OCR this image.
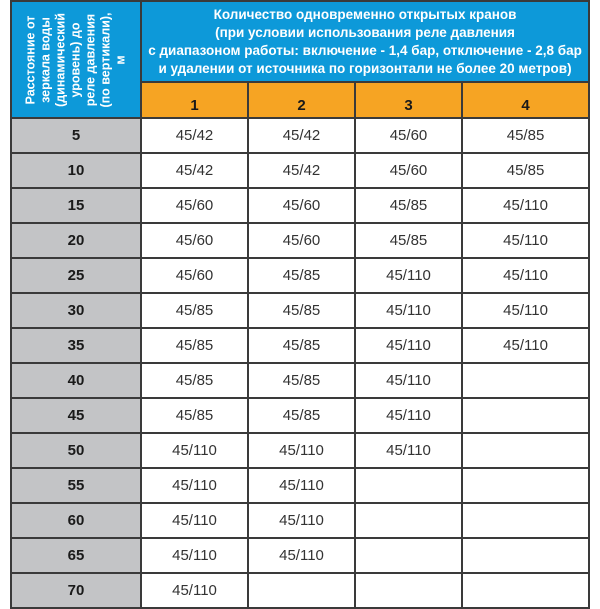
Расстояние от зеркала воды (динамический уровень) до реле давления (по вертикали), м

Количество одновременно открытых кранов
(при условии использования реле давления
с диапазоном работы: включение - 1,4 бар, отключение - 2,8 бар
и удалении от источника по горизонтали не более 20 метров)

	1	2	3	4
5	45/42	45/42	45/60	45/85
10	45/42	45/42	45/60	45/85
15	45/60	45/60	45/85	45/110
20	45/60	45/60	45/85	45/110
25	45/60	45/85	45/110	45/110
30	45/85	45/85	45/110	45/110
35	45/85	45/85	45/110	45/110
40	45/85	45/85	45/110	
45	45/85	45/85	45/110	
50	45/110	45/110	45/110	
55	45/110	45/110		
60	45/110	45/110		
65	45/110	45/110		
70	45/110			
